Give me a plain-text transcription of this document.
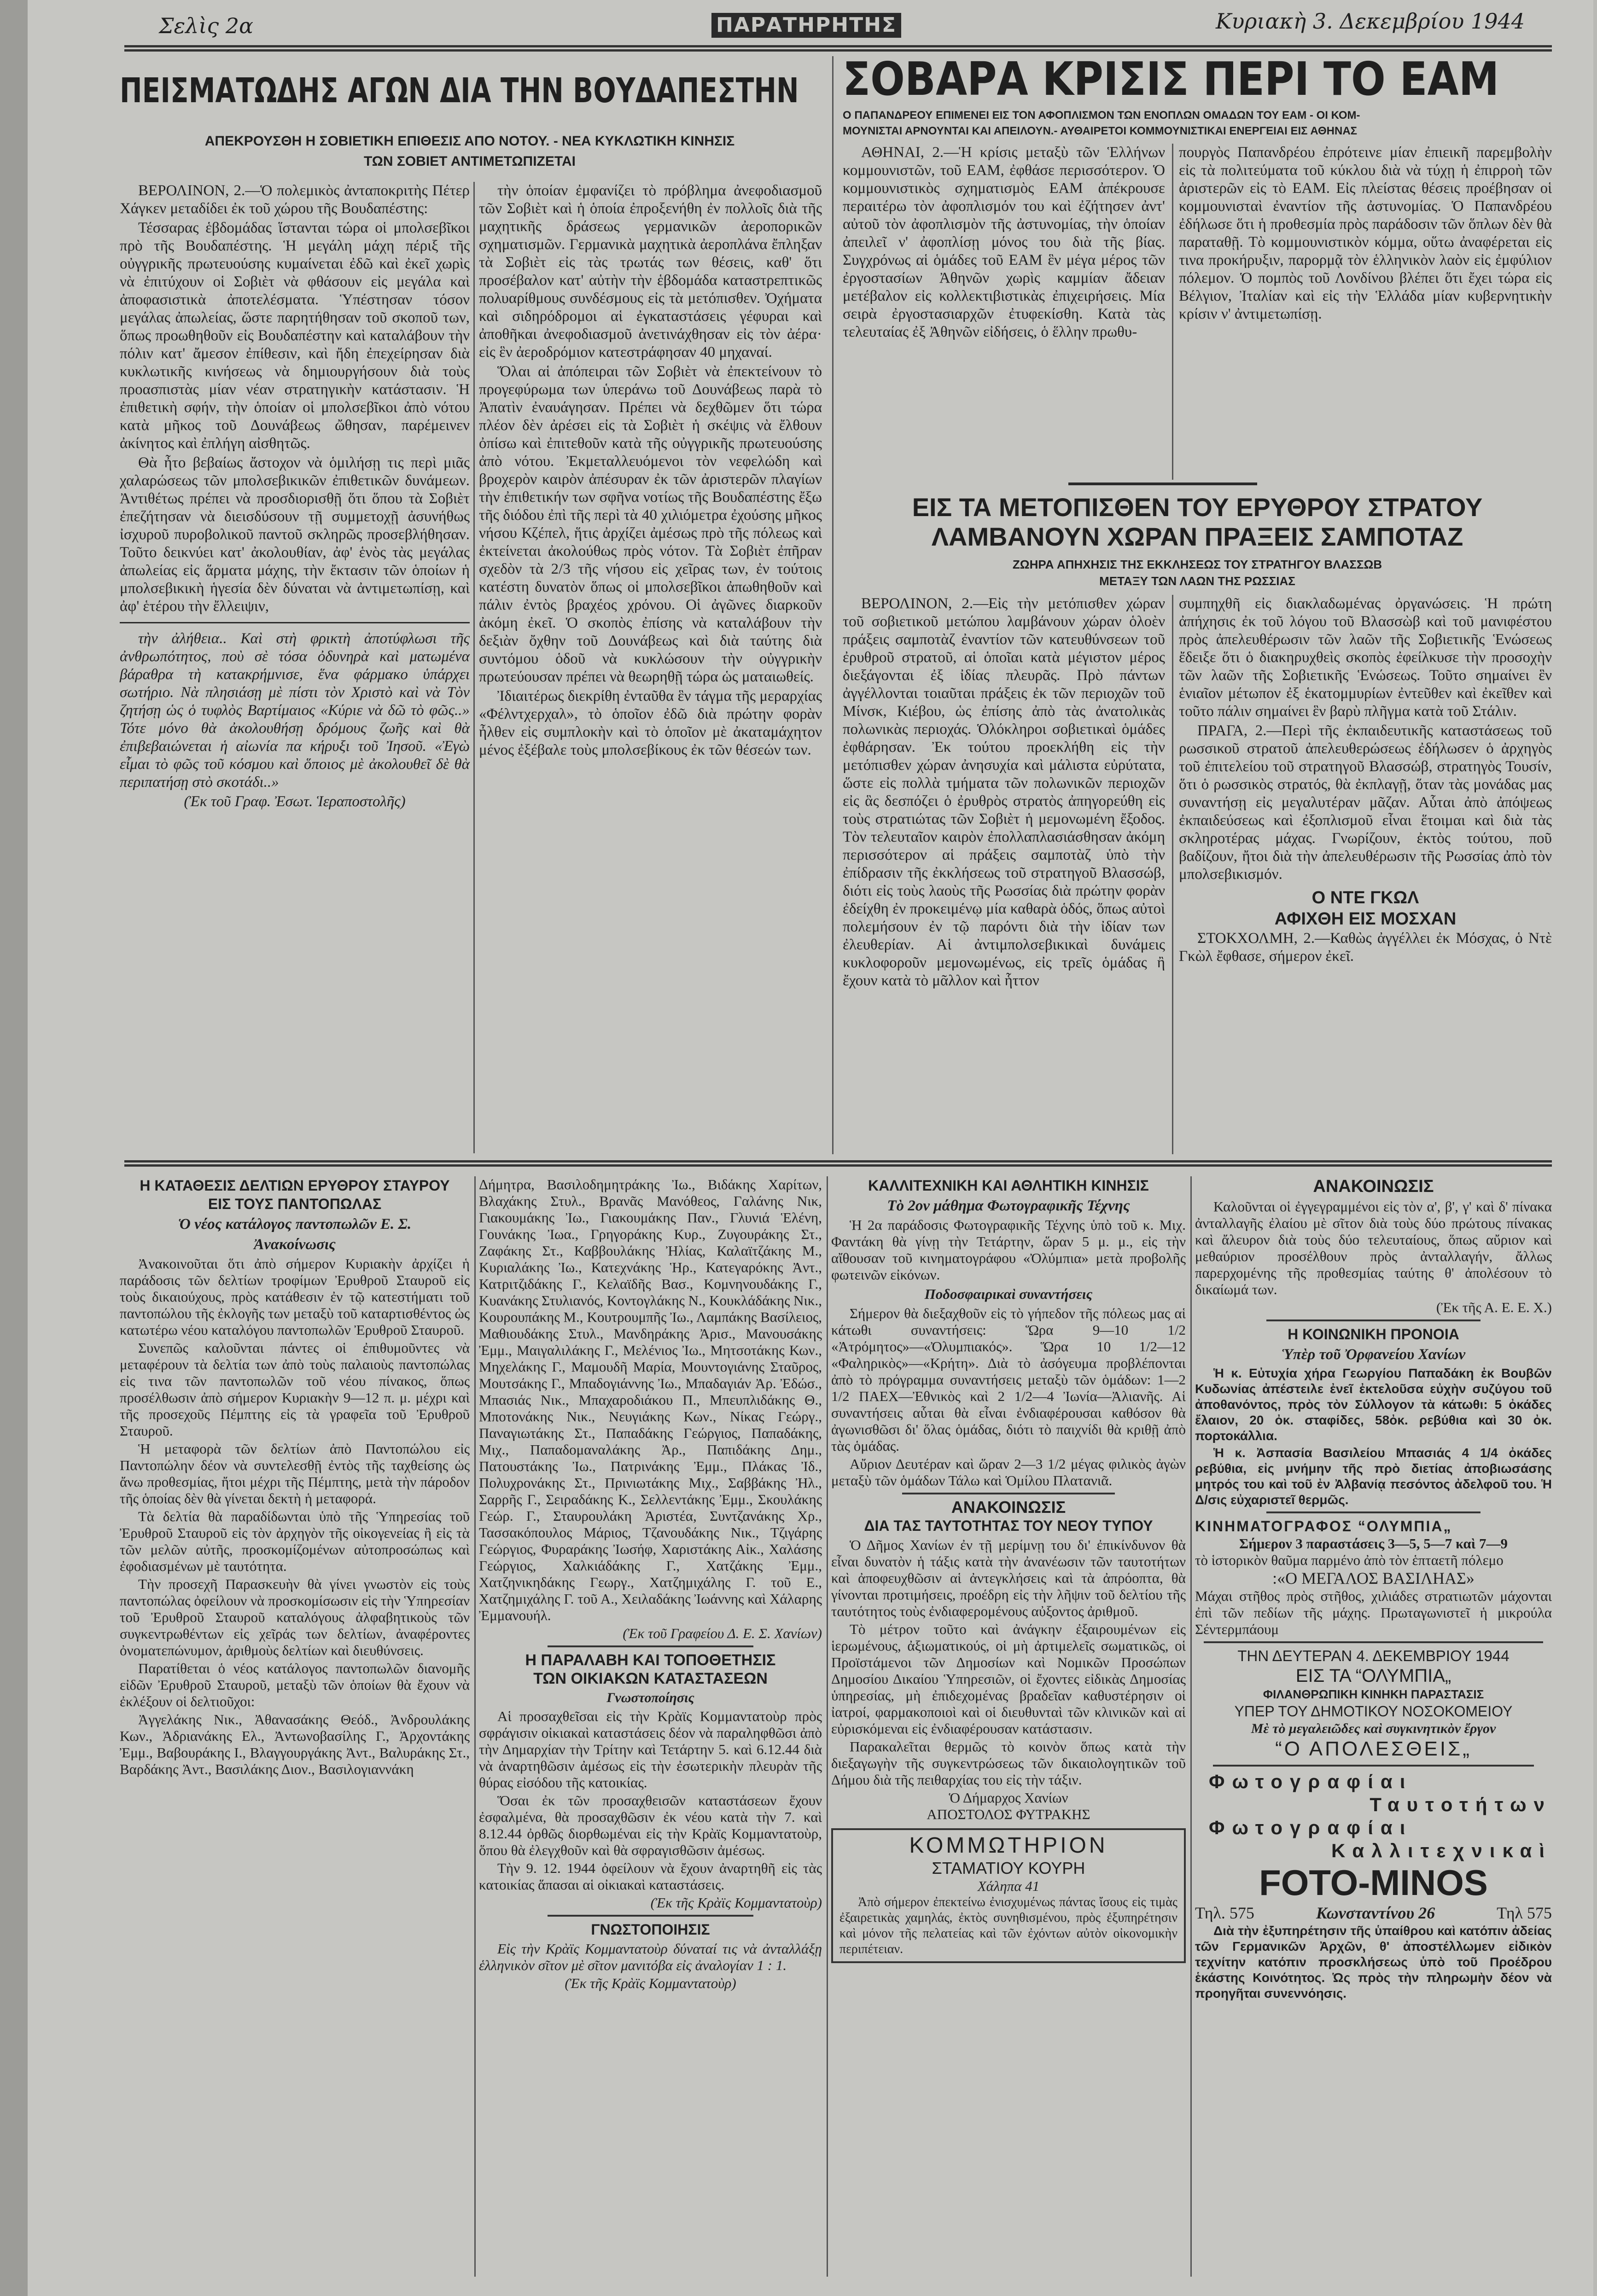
Σελὶς 2α	ΠΑΡΑΤΗΡΗΤΗΣ	Κυριακὴ 3. Δεκεμβρίου 1944
ΠΕΙΣΜΑΤΩΔΗΣ ΑΓΩΝ ΔΙΑ ΤΗΝ ΒΟΥΔΑΠΕΣΤΗΝ
ΑΠΕΚΡΟΥΣΘΗ Η ΣΟΒΙΕΤΙΚΗ ΕΠΙΘΕΣΙΣ ΑΠΟ ΝΟΤΟΥ. - ΝΕΑ ΚΥΚΛΩΤΙΚΗ ΚΙΝΗΣΙΣ
ΤΩΝ ΣΟΒΙΕΤ ΑΝΤΙΜΕΤΩΠΙΖΕΤΑΙ

ΒΕΡΟΛΙΝΟΝ, 2.—Ὁ πολεμικὸς ἀνταποκριτὴς Πέτερ Χάγκεν μεταδίδει ἐκ τοῦ χώρου τῆς Βουδαπέστης:

Τέσσαρας ἑβδομάδας ἵστανται τώρα οἱ μπολσεβῖκοι πρὸ τῆς Βουδαπέστης. Ἡ μεγάλη μάχη πέριξ τῆς οὐγγρικῆς πρωτευούσης κυμαίνεται ἐδῶ καὶ ἐκεῖ χωρὶς νὰ ἐπιτύχουν οἱ Σοβιὲτ νὰ φθάσουν εἰς μεγάλα καὶ ἀποφασιστικὰ ἀποτελέσματα. Ὑπέστησαν τόσον μεγάλας ἀπωλείας, ὥστε παρητήθησαν τοῦ σκοποῦ των, ὅπως προωθηθοῦν εἰς Βουδαπέστην καὶ καταλάβουν τὴν πόλιν κατ' ἄμεσον ἐπίθεσιν, καὶ ἤδη ἐπεχείρησαν διὰ κυκλωτικῆς κινήσεως νὰ δημιουργήσουν διὰ τοὺς προασπιστὰς μίαν νέαν στρατηγικὴν κατάστασιν. Ἡ ἐπιθετικὴ σφήν, τὴν ὁποίαν οἱ μπολσεβῖκοι ἀπὸ νότου κατὰ μῆκος τοῦ Δουνάβεως ὤθησαν, παρέμεινεν ἀκίνητος καὶ ἐπλήγη αἰσθητῶς.

Θὰ ἦτο βεβαίως ἄστοχον νὰ ὁμιλήσῃ τις περὶ μιᾶς χαλαρώσεως τῶν μπολσεβικικῶν ἐπιθετικῶν δυνάμεων. Ἀντιθέτως πρέπει νὰ προσδιορισθῇ ὅτι ὅπου τὰ Σοβιὲτ ἐπεζήτησαν νὰ διεισδύσουν τῇ συμμετοχῇ ἀσυνήθως ἰσχυροῦ πυροβολικοῦ παντοῦ σκληρῶς προσεβλήθησαν. Τοῦτο δεικνύει κατ' ἀκολουθίαν, ἀφ' ἑνὸς τὰς μεγάλας ἀπωλείας εἰς ἅρματα μάχης, τὴν ἔκτασιν τῶν ὁποίων ἡ μπολσεβικικὴ ἡγεσία δὲν δύναται νὰ ἀντιμετωπίσῃ, καὶ ἀφ' ἑτέρου τὴν ἔλλειψιν,

τὴν ἀλήθεια.. Καὶ στὴ φρικτὴ ἀποτύφλωσι τῆς ἀνθρωπότητος, ποὺ σὲ τόσα ὀδυνηρὰ καὶ ματωμένα βάραθρα τὴ κατακρήμνισε, ἕνα φάρμακο ὑπάρχει σωτήριο. Νὰ πλησιάσῃ μὲ πίστι τὸν Χριστὸ καὶ νὰ Τὸν ζητήσῃ ὡς ὁ τυφλὸς Βαρτίμαιος «Κύριε νὰ δῶ τὸ φῶς..» Τότε μόνο θὰ ἀκολουθήσῃ δρόμους ζωῆς καὶ θὰ ἐπιβεβαιώνεται ἡ αἰωνία πα κήρυξι τοῦ Ἰησοῦ. «Ἐγὼ εἶμαι τὸ φῶς τοῦ κόσμου καὶ ὅποιος μὲ ἀκολουθεῖ δὲ θὰ περιπατήσῃ στὸ σκοτάδι..»

(Ἐκ τοῦ Γραφ. Ἐσωτ. Ἱεραποστολῆς)

τὴν ὁποίαν ἐμφανίζει τὸ πρόβλημα ἀνεφοδιασμοῦ τῶν Σοβιὲτ καὶ ἡ ὁποία ἐπροξενήθη ἐν πολλοῖς διὰ τῆς μαχητικῆς δράσεως γερμανικῶν ἀεροπορικῶν σχηματισμῶν. Γερμανικὰ μαχητικὰ ἀεροπλάνα ἔπληξαν τὰ Σοβιὲτ εἰς τὰς τρωτάς των θέσεις, καθ' ὅτι προσέβαλον κατ' αὐτὴν τὴν ἑβδομάδα καταστρεπτικῶς πολυαρίθμους συνδέσμους εἰς τὰ μετόπισθεν. Ὀχήματα καὶ σιδηρόδρομοι αἱ ἐγκαταστάσεις γέφυραι καὶ ἀποθῆκαι ἀνεφοδιασμοῦ ἀνετινάχθησαν εἰς τὸν ἀέρα· εἰς ἓν ἀεροδρόμιον κατεστράφησαν 40 μηχαναί.

Ὅλαι αἱ ἀπόπειραι τῶν Σοβιὲτ νὰ ἐπεκτείνουν τὸ προγεφύρωμα των ὑπεράνω τοῦ Δουνάβεως παρὰ τὸ Ἀπατὶν ἐναυάγησαν. Πρέπει νὰ δεχθῶμεν ὅτι τώρα πλέον δὲν ἀρέσει εἰς τὰ Σοβιὲτ ἡ σκέψις νὰ ἔλθουν ὀπίσω καὶ ἐπιτεθοῦν κατὰ τῆς οὐγγρικῆς πρωτευούσης ἀπὸ νότου. Ἐκμεταλλευόμενοι τὸν νεφελώδη καὶ βροχερὸν καιρὸν ἀπέσυραν ἐκ τῶν ἀριστερῶν πλαγίων τὴν ἐπιθετικήν των σφῆνα νοτίως τῆς Βουδαπέστης ἔξω τῆς διόδου ἐπὶ τῆς περὶ τὰ 40 χιλιόμετρα ἐχούσης μῆκος νήσου Κζέπελ, ἥτις ἀρχίζει ἀμέσως πρὸ τῆς πόλεως καὶ ἐκτείνεται ἀκολούθως πρὸς νότον. Τὰ Σοβιὲτ ἐπῆραν σχεδὸν τὰ 2/3 τῆς νήσου εἰς χεῖρας των, ἐν τούτοις κατέστη δυνατὸν ὅπως οἱ μπολσεβῖκοι ἀπωθηθοῦν καὶ πάλιν ἐντὸς βραχέος χρόνου. Οἱ ἀγῶνες διαρκοῦν ἀκόμη ἐκεῖ. Ὁ σκοπὸς ἐπίσης νὰ καταλάβουν τὴν δεξιὰν ὄχθην τοῦ Δουνάβεως καὶ διὰ ταύτης διὰ συντόμου ὁδοῦ νὰ κυκλώσουν τὴν οὐγγρικὴν πρωτεύουσαν πρέπει νὰ θεωρηθῇ τώρα ὡς ματαιωθείς.

Ἰδιαιτέρως διεκρίθη ἐνταῦθα ἓν τάγμα τῆς μεραρχίας «Φέλντχερχαλ», τὸ ὁποῖον ἐδῶ διὰ πρώτην φορὰν ἦλθεν εἰς συμπλοκὴν καὶ τὸ ὁποῖον μὲ ἀκαταμάχητον μένος ἐξέβαλε τοὺς μπολσεβίκους ἐκ τῶν θέσεών των.

ΣΟΒΑΡΑ ΚΡΙΣΙΣ ΠΕΡΙ ΤΟ ΕΑΜ
Ο ΠΑΠΑΝΔΡΕΟΥ ΕΠΙΜΕΝΕΙ ΕΙΣ ΤΟΝ ΑΦΟΠΛΙΣΜΟΝ ΤΩΝ ΕΝΟΠΛΩΝ ΟΜΑΔΩΝ ΤΟΥ ΕΑΜ - ΟΙ ΚΟΜ-
ΜΟΥΝΙΣΤΑΙ ΑΡΝΟΥΝΤΑΙ ΚΑΙ ΑΠΕΙΛΟΥΝ.- ΑΥΘΑΙΡΕΤΟΙ ΚΟΜΜΟΥΝΙΣΤΙΚΑΙ ΕΝΕΡΓΕΙΑΙ ΕΙΣ ΑΘΗΝΑΣ

ΑΘΗΝΑΙ, 2.—Ἡ κρίσις μεταξὺ τῶν Ἑλλήνων κομμουνιστῶν, τοῦ ΕΑΜ, ἐφθάσε περισσότερον. Ὁ κομμουνιστικὸς σχηματισμὸς ΕΑΜ ἀπέκρουσε περαιτέρω τὸν ἀφοπλισμόν του καὶ ἐζήτησεν ἀντ' αὐτοῦ τὸν ἀφοπλισμὸν τῆς ἀστυνομίας, τὴν ὁποίαν ἀπειλεῖ ν' ἀφοπλίσῃ μόνος του διὰ τῆς βίας. Συγχρόνως αἱ ὁμάδες τοῦ ΕΑΜ ἓν μέγα μέρος τῶν ἐργοστασίων Ἀθηνῶν χωρὶς καμμίαν ἄδειαν μετέβαλον εἰς κολλεκτιβιστικὰς ἐπιχειρήσεις. Μία σειρὰ ἐργοστασιαρχῶν ἐτυφεκίσθη. Κατὰ τὰς τελευταίας ἐξ Ἀθηνῶν εἰδήσεις, ὁ ἕλλην πρωθυ-

πουργὸς Παπανδρέου ἐπρότεινε μίαν ἐπιεικῆ παρεμβολὴν εἰς τὰ πολιτεύματα τοῦ κύκλου διὰ νὰ τύχῃ ἡ ἐπιρροὴ τῶν ἀριστερῶν εἰς τὸ ΕΑΜ. Εἰς πλείστας θέσεις προέβησαν οἱ κομμουνισταὶ ἐναντίον τῆς ἀστυνομίας. Ὁ Παπανδρέου ἐδήλωσε ὅτι ἡ προθεσμία πρὸς παράδοσιν τῶν ὅπλων δὲν θὰ παραταθῇ. Τὸ κομμουνιστικὸν κόμμα, οὕτω ἀναφέρεται εἰς τινα προκήρυξιν, παρορμᾷ τὸν ἑλληνικὸν λαὸν εἰς ἐμφύλιον πόλεμον. Ὁ πομπὸς τοῦ Λονδίνου βλέπει ὅτι ἔχει τώρα εἰς Βέλγιον, Ἰταλίαν καὶ εἰς τὴν Ἑλλάδα μίαν κυβερνητικὴν κρίσιν ν' ἀντιμετωπίσῃ.

ΕΙΣ ΤΑ ΜΕΤΟΠΙΣΘΕΝ ΤΟΥ ΕΡΥΘΡΟΥ ΣΤΡΑΤΟΥ
ΛΑΜΒΑΝΟΥΝ ΧΩΡΑΝ ΠΡΑΞΕΙΣ ΣΑΜΠΟΤΑΖ
ΖΩΗΡΑ ΑΠΗΧΗΣΙΣ ΤΗΣ ΕΚΚΛΗΣΕΩΣ ΤΟΥ ΣΤΡΑΤΗΓΟΥ ΒΛΑΣΣΩΒ
ΜΕΤΑΞΥ ΤΩΝ ΛΑΩΝ ΤΗΣ ΡΩΣΣΙΑΣ

ΒΕΡΟΛΙΝΟΝ, 2.—Εἰς τὴν μετόπισθεν χώραν τοῦ σοβιετικοῦ μετώπου λαμβάνουν χώραν ὁλοὲν πράξεις σαμποτὰζ ἐναντίον τῶν κατευθύνσεων τοῦ ἐρυθροῦ στρατοῦ, αἱ ὁποῖαι κατὰ μέγιστον μέρος διεξάγονται ἐξ ἰδίας πλευρᾶς. Πρὸ πάντων ἀγγέλλονται τοιαῦται πράξεις ἐκ τῶν περιοχῶν τοῦ Μίνσκ, Κιέβου, ὡς ἐπίσης ἀπὸ τὰς ἀνατολικὰς πολωνικὰς περιοχάς. Ὁλόκληροι σοβιετικαὶ ὁμάδες ἐφθάρησαν. Ἐκ τούτου προεκλήθη εἰς τὴν μετόπισθεν χώραν ἀνησυχία καὶ μάλιστα εὐρύτατα, ὥστε εἰς πολλὰ τμήματα τῶν πολωνικῶν περιοχῶν εἰς ἃς δεσπόζει ὁ ἐρυθρὸς στρατὸς ἀπηγορεύθη εἰς τοὺς στρατιώτας τῶν Σοβιὲτ ἡ μεμονωμένη ἔξοδος. Τὸν τελευταῖον καιρὸν ἐπολλαπλασιάσθησαν ἀκόμη περισσότερον αἱ πράξεις σαμποτὰζ ὑπὸ τὴν ἐπίδρασιν τῆς ἐκκλήσεως τοῦ στρατηγοῦ Βλασσώβ, διότι εἰς τοὺς λαοὺς τῆς Ρωσσίας διὰ πρώτην φορὰν ἐδείχθη ἐν προκειμένῳ μία καθαρὰ ὁδός, ὅπως αὐτοὶ πολεμήσουν ἐν τῷ παρόντι διὰ τὴν ἰδίαν των ἐλευθερίαν. Αἱ ἀντιμπολσεβικικαὶ δυνάμεις κυκλοφοροῦν μεμονωμένως, εἰς τρεῖς ὁμάδας ἢ ἔχουν κατὰ τὸ μᾶλλον καὶ ἧττον

συμπηχθῆ εἰς διακλαδωμένας ὀργανώσεις. Ἡ πρώτη ἀπήχησις ἐκ τοῦ λόγου τοῦ Βλασσὼβ καὶ τοῦ μανιφέστου πρὸς ἀπελευθέρωσιν τῶν λαῶν τῆς Σοβιετικῆς Ἑνώσεως ἔδειξε ὅτι ὁ διακηρυχθεὶς σκοπὸς ἐφείλκυσε τὴν προσοχὴν τῶν λαῶν τῆς Σοβιετικῆς Ἑνώσεως. Τοῦτο σημαίνει ἓν ἑνιαῖον μέτωπον ἐξ ἑκατομμυρίων ἐντεῦθεν καὶ ἐκεῖθεν καὶ τοῦτο πάλιν σημαίνει ἓν βαρὺ πλῆγμα κατὰ τοῦ Στάλιν.

ΠΡΑΓΑ, 2.—Περὶ τῆς ἐκπαιδευτικῆς καταστάσεως τοῦ ρωσσικοῦ στρατοῦ ἀπελευθερώσεως ἐδήλωσεν ὁ ἀρχηγὸς τοῦ ἐπιτελείου τοῦ στρατηγοῦ Βλασσώβ, στρατηγὸς Τουσίν, ὅτι ὁ ρωσσικὸς στρατός, θὰ ἐκπλαγῇ, ὅταν τὰς μονάδας μας συναντήσῃ εἰς μεγαλυτέραν μᾶζαν. Αὗται ἀπὸ ἀπόψεως ἐκπαιδεύσεως καὶ ἐξοπλισμοῦ εἶναι ἕτοιμαι καὶ διὰ τὰς σκληροτέρας μάχας. Γνωρίζουν, ἐκτὸς τούτου, ποῦ βαδίζουν, ἤτοι διὰ τὴν ἀπελευθέρωσιν τῆς Ρωσσίας ἀπὸ τὸν μπολσεβικισμόν.

Ο ΝΤΕ ΓΚΩΛ
ΑΦΙΧΘΗ ΕΙΣ ΜΟΣΧΑΝ

ΣΤΟΚΧΟΛΜΗ, 2.—Καθὼς ἀγγέλλει ἐκ Μόσχας, ὁ Ντὲ Γκὼλ ἔφθασε, σήμερον ἐκεῖ.

Η ΚΑΤΑΘΕΣΙΣ ΔΕΛΤΙΩΝ ΕΡΥΘΡΟΥ ΣΤΑΥΡΟΥ
ΕΙΣ ΤΟΥΣ ΠΑΝΤΟΠΩΛΑΣ
Ὁ νέος κατάλογος παντοπωλῶν Ε. Σ.
Ἀνακοίνωσις

Ἀνακοινοῦται ὅτι ἀπὸ σήμερον Κυριακὴν ἀρχίζει ἡ παράδοσις τῶν δελτίων τροφίμων Ἐρυθροῦ Σταυροῦ εἰς τοὺς δικαιούχους, πρὸς κατάθεσιν ἐν τῷ κατεστήματι τοῦ παντοπώλου τῆς ἐκλογῆς των μεταξὺ τοῦ καταρτισθέντος ὡς κατωτέρω νέου καταλόγου παντοπωλῶν Ἐρυθροῦ Σταυροῦ.

Συνεπῶς καλοῦνται πάντες οἱ ἐπιθυμοῦντες νὰ μεταφέρουν τὰ δελτία των ἀπὸ τοὺς παλαιοὺς παντοπώλας εἰς τινα τῶν παντοπωλῶν τοῦ νέου πίνακος, ὅπως προσέλθωσιν ἀπὸ σήμερον Κυριακὴν 9—12 π. μ. μέχρι καὶ τῆς προσεχοῦς Πέμπτης εἰς τὰ γραφεῖα τοῦ Ἐρυθροῦ Σταυροῦ.

Ἡ μεταφορὰ τῶν δελτίων ἀπὸ Παντοπώλου εἰς Παντοπώλην δέον νὰ συντελεσθῇ ἐντὸς τῆς ταχθείσης ὡς ἄνω προθεσμίας, ἤτοι μέχρι τῆς Πέμπτης, μετὰ τὴν πάροδον τῆς ὁποίας δὲν θὰ γίνεται δεκτὴ ἡ μεταφορά.

Τὰ δελτία θὰ παραδίδωνται ὑπὸ τῆς Ὑπηρεσίας τοῦ Ἐρυθροῦ Σταυροῦ εἰς τὸν ἀρχηγὸν τῆς οἰκογενείας ἢ εἰς τὰ τῶν μελῶν αὐτῆς, προσκομίζομένων αὐτοπροσώπως καὶ ἐφοδιασμένων μὲ ταυτότητα.

Τὴν προσεχῆ Παρασκευὴν θὰ γίνει γνωστὸν εἰς τοὺς παντοπώλας ὀφείλουν νὰ προσκομίσωσιν εἰς τὴν Ὑπηρεσίαν τοῦ Ἐρυθροῦ Σταυροῦ καταλόγους ἀλφαβητικοὺς τῶν συγκεντρωθέντων εἰς χεῖράς των δελτίων, ἀναφέροντες ὀνοματεπώνυμον, ἀριθμοὺς δελτίων καὶ διευθύνσεις.

Παρατίθεται ὁ νέος κατάλογος παντοπωλῶν διανομῆς εἰδῶν Ἐρυθροῦ Σταυροῦ, μεταξὺ τῶν ὁποίων θὰ ἔχουν νὰ ἐκλέξουν οἱ δελτιοῦχοι:

Ἀγγελάκης Νικ., Ἀθανασάκης Θεόδ., Ἀνδρουλάκης Κων., Ἀδριανάκης Ελ., Ἀντωνοβασίλης Γ., Ἀρχοντάκης Ἐμμ., Βαβουράκης Ι., Βλαγγουργάκης Ἀντ., Βαλυράκης Στ., Βαρδάκης Ἀντ., Βασιλάκης Διον., Βασιλογιαννάκη

Δήμητρα, Βασιλοδημητράκης Ἰω., Βιδάκης Χαρίτων, Βλαχάκης Στυλ., Βρανᾶς Μανόθεος, Γαλάνης Νικ, Γιακουμάκης Ἰω., Γιακουμάκης Παν., Γλυνιά Ἑλένη, Γουνάκης Ἰωα., Γρηγοράκης Κυρ., Ζυγουράκης Στ., Ζαφάκης Στ., Καββουλάκης Ἠλίας, Καλαϊτζάκης Μ., Κυριαλάκης Ἰω., Κατεχνάκης Ἡρ., Κατεγαρόκης Ἀντ., Κατριτζιδάκης Γ., Κελαϊδῆς Βασ., Κομνηνουδάκης Γ., Κυανάκης Στυλιανός, Κοντογλάκης Ν., Κουκλάδάκης Νικ., Κουρουπάκης Μ., Κουτρουμπῆς Ἰω., Λαμπάκης Βασίλειος, Μαθιουδάκης Στυλ., Μανδηράκης Ἀρισ., Μανουσάκης Ἐμμ., Μαιγαλιλάκης Γ., Μελένιος Ἰω., Μητσοτάκης Κων., Μηχελάκης Γ., Μαμουδῆ Μαρία, Μουντογιάνης Σταῦρος, Μουτσάκης Γ., Μπαδογιάννης Ἰω., Μπαδαγιάν Ἀρ. Ἐδώσ., Μπασιάς Νικ., Μπαχαροδιάκου Π., Μπευπλιδάκης Θ., Μποτονάκης Νικ., Νευγιάκης Κων., Νίκας Γεώργ., Παναγιωτάκης Στ., Παπαδάκης Γεώργιος, Παπαδάκης, Μιχ., Παπαδομαναλάκης Ἀρ., Παπιδάκης Δημ., Πατουστάκης Ἰω., Πατρινάκης Ἐμμ., Πλάκας Ἰδ., Πολυχρονάκης Στ., Πρινιωτάκης Μιχ., Σαββάκης Ἠλ., Σαρρῆς Γ., Σειραδάκης Κ., Σελλεντάκης Ἐμμ., Σκουλάκης Γεώρ. Γ., Σταυρουλάκη Ἀριστέα, Συντζανάκης Χρ., Τασσακόπουλος Μάριος, Τζανουδάκης Νικ., Τζιγάρης Γεώργιος, Φυραράκης Ἰωσήφ, Χαριστάκης Αἰκ., Χαλάσης Γεώργιος, Χαλκιάδάκης Γ., Χατζάκης Ἐμμ., Χατζηνικηδάκης Γεωργ., Χατζημιχάλης Γ. τοῦ Ε., Χατζημιχάλης Γ. τοῦ Α., Χειλαδάκης Ἰωάννης καὶ Χάλαρης Ἐμμανουήλ.

(Ἐκ τοῦ Γραφείου Δ. Ε. Σ. Χανίων)
Η ΠΑΡΑΛΑΒΗ ΚΑΙ ΤΟΠΟΘΕΤΗΣΙΣ
ΤΩΝ ΟΙΚΙΑΚΩΝ ΚΑΤΑΣΤΑΣΕΩΝ
Γνωστοποίησις

Αἱ προσαχθεῖσαι εἰς τὴν Κρὰϊς Κομμαντατοὺρ πρὸς σφράγισιν οἰκιακαὶ καταστάσεις δέον νὰ παραληφθῶσι ἀπὸ τὴν Δημαρχίαν τὴν Τρίτην καὶ Τετάρτην 5. καὶ 6.12.44 διὰ νὰ ἀναρτηθῶσιν ἀμέσως εἰς τὴν ἐσωτερικὴν πλευρὰν τῆς θύρας εἰσόδου τῆς κατοικίας.

Ὅσαι ἐκ τῶν προσαχθεισῶν καταστάσεων ἔχουν ἐσφαλμένα, θὰ προσαχθῶσιν ἐκ νέου κατὰ τὴν 7. καὶ 8.12.44 ὀρθῶς διορθωμέναι εἰς τὴν Κρὰϊς Κομμαντατοὺρ, ὅπου θὰ ἐλεγχθοῦν καὶ θὰ σφραγισθῶσιν ἀμέσως.

Τὴν 9. 12. 1944 ὀφείλουν νὰ ἔχουν ἀναρτηθῆ εἰς τὰς κατοικίας ἅπασαι αἱ οἰκιακαὶ καταστάσεις.

(Ἐκ τῆς Κρὰϊς Κομμαντατοὺρ)
ΓΝΩΣΤΟΠΟΙΗΣΙΣ

Εἰς τὴν Κρὰϊς Κομμαντατοὺρ δύναταί τις νὰ ἀνταλλάξῃ ἑλληνικὸν σῖτον μὲ σῖτον μανιτόβα εἰς ἀναλογίαν 1 : 1.

(Ἐκ τῆς Κρὰϊς Κομμαντατοὺρ)
ΚΑΛΛΙΤΕΧΝΙΚΗ ΚΑΙ ΑΘΛΗΤΙΚΗ ΚΙΝΗΣΙΣ
Τὸ 2ον μάθημα Φωτογραφικῆς Τέχνης

Ἡ 2α παράδοσις Φωτογραφικῆς Τέχνης ὑπὸ τοῦ κ. Μιχ. Φαντάκη θὰ γίνῃ τὴν Τετάρτην, ὥραν 5 μ. μ., εἰς τὴν αἴθουσαν τοῦ κινηματογράφου «Ὀλύμπια» μετὰ προβολῆς φωτεινῶν εἰκόνων.

Ποδοσφαιρικαὶ συναντήσεις

Σήμερον θὰ διεξαχθοῦν εἰς τὸ γήπεδον τῆς πόλεως μας αἱ κάτωθι συναντήσεις: Ὥρα 9—10 1/2 «Ἀτρόμητος»—«Ὀλυμπιακός». Ὥρα 10 1/2—12 «Φαληρικὸς»—«Κρήτη». Διὰ τὸ ἀσόγευμα προβλέπονται ἀπὸ τὸ πρόγραμμα συναντήσεις μεταξὺ τῶν ὁμάδων: 1—2 1/2 ΠΑΕΧ—Ἐθνικὸς καὶ 2 1/2—4 Ἰωνία—Ἀλιανῆς. Αἱ συναντήσεις αὗται θὰ εἶναι ἐνδιαφέρουσαι καθόσον θὰ ἀγωνισθῶσι δι' ὅλας ὁμάδας, διότι τὸ παιχνίδι θὰ κριθῇ ἀπὸ τὰς ὁμάδας.

Αὔριον Δευτέραν καὶ ὥραν 2—3 1/2 μέγας φιλικὸς ἀγὼν μεταξὺ τῶν ὁμάδων Τάλω καὶ Ὁμίλου Πλατανιᾶ.

ΑΝΑΚΟΙΝΩΣΙΣ
ΔΙΑ ΤΑΣ ΤΑΥΤΟΤΗΤΑΣ ΤΟΥ ΝΕΟΥ ΤΥΠΟΥ

Ὁ Δῆμος Χανίων ἐν τῇ μερίμνῃ του δι' ἐπικίνδυνον θὰ εἶναι δυνατὸν ἡ τάξις κατὰ τὴν ἀνανέωσιν τῶν ταυτοτήτων καὶ ἀποφευχθῶσιν αἱ ἀντεγκλήσεις καὶ τὰ ἀπρόοπτα, θὰ γίνονται προτιμήσεις, προέδρη εἰς τὴν λῆψιν τοῦ δελτίου τῆς ταυτότητος τοὺς ἐνδιαφερομένους αὐξοντος ἀριθμοῦ.

Τὸ μέτρον τοῦτο καὶ ἀνάγκην ἐξαιρουμένων εἰς ἱερωμένους, ἀξιωματικούς, οἱ μὴ ἀρτιμελεῖς σωματικῶς, οἱ Προϊστάμενοι τῶν Δημοσίων καὶ Νομικῶν Προσώπων Δημοσίου Δικαίου Ὑπηρεσιῶν, οἱ ἔχοντες εἰδικὰς Δημοσίας ὑπηρεσίας, μὴ ἐπιδεχομένας βραδεῖαν καθυστέρησιν οἱ ἰατροί, φαρμακοποιοὶ καὶ οἱ διευθυνταὶ τῶν κλινικῶν καὶ αἱ εὐρισκόμεναι εἰς ἐνδιαφέρουσαν κατάστασιν.

Παρακαλεῖται θερμῶς τὸ κοινὸν ὅπως κατὰ τὴν διεξαγωγὴν τῆς συγκεντρώσεως τῶν δικαιολογητικῶν τοῦ Δήμου διὰ τῆς πειθαρχίας του εἰς τὴν τάξιν.

Ὁ Δήμαρχος Χανίων
ΑΠΟΣΤΟΛΟΣ ΦΥΤΡΑΚΗΣ
ΚΟΜΜΩΤΗΡΙΟΝ
ΣΤΑΜΑΤΙΟΥ ΚΟΥΡΗ
Χάληπα 41

Ἀπὸ σήμερον ἐπεκτείνω ἐνισχυμένως πάντας ἴσους εἰς τιμὰς ἐξαιρετικὰς χαμηλάς, ἐκτὸς συνηθισμένου, πρὸς ἐξυπηρέτησιν καὶ μόνον τῆς πελατείας καὶ τῶν ἐχόντων αὐτὸν οἰκονομικὴν περιπέτειαν.

ΑΝΑΚΟΙΝΩΣΙΣ

Καλοῦνται οἱ ἐγγεγραμμένοι εἰς τὸν α', β', γ' καὶ δ' πίνακα ἀνταλλαγῆς ἐλαίου μὲ σῖτον διὰ τοὺς δύο πρώτους πίνακας καὶ ἄλευρον διὰ τοὺς δύο τελευταίους, ὅπως αὔριον καὶ μεθαύριον προσέλθουν πρὸς ἀνταλλαγήν, ἄλλως παρερχομένης τῆς προθεσμίας ταύτης θ' ἀπολέσουν τὸ δικαίωμά των.

(Ἐκ τῆς Α. Ε. Ε. Χ.)
Η ΚΟΙΝΩΝΙΚΗ ΠΡΟΝΟΙΑ
Ὑπὲρ τοῦ Ὀρφανείου Χανίων

Ἡ κ. Εὐτυχία χήρα Γεωργίου Παπαδάκη ἐκ Βουβῶν Κυδωνίας ἀπέστειλε ἐνεῖ ἐκτελοῦσα εὐχὴν συζύγου τοῦ ἀποθανόντος, πρὸς τὸν Σύλλογον τὰ κάτωθι: 5 ὀκάδες ἔλαιον, 20 ὀκ. σταφίδες, 58ὀκ. ρεβύθια καὶ 30 ὀκ. πορτοκάλλια.

Ἡ κ. Ἀσπασία Βασιλείου Μπασιάς 4 1/4 ὀκάδες ρεβύθια, εἰς μνήμην τῆς πρὸ διετίας ἀποβιωσάσης μητρός του καὶ τοῦ ἐν Ἀλβανίᾳ πεσόντος ἀδελφοῦ του. Ἡ Δ/σις εὐχαριστεῖ θερμῶς.

ΚΙΝΗΜΑΤΟΓΡΑΦΟΣ “ΟΛΥΜΠΙΑ„
Σήμερον 3 παραστάσεις 3—5, 5—7 καὶ 7—9
τὸ ἱστορικὸν θαῦμα παρμένο ἀπὸ τὸν ἑπταετῆ πόλεμο
:«Ο ΜΕΓΑΛΟΣ ΒΑΣΙΛΗΑΣ»
Μάχαι στῆθος πρὸς στῆθος, χιλιάδες στρατιωτῶν μάχονται ἐπὶ τῶν πεδίων τῆς μάχης. Πρωταγωνιστεῖ ἡ μικρούλα Σέντερμπάουμ
ΤΗΝ ΔΕΥΤΕΡΑΝ 4. ΔΕΚΕΜΒΡΙΟΥ 1944
ΕΙΣ ΤΑ “ΟΛΥΜΠΙΑ„
ΦΙΛΑΝΘΡΩΠΙΚΗ ΚΙΝΗΚΗ ΠΑΡΑΣΤΑΣΙΣ
ΥΠΕΡ ΤΟΥ ΔΗΜΟΤΙΚΟΥ ΝΟΣΟΚΟΜΕΙΟΥ
Μὲ τὸ μεγαλειῶδες καὶ συγκινητικὸν ἔργον
“Ο ΑΠΟΛΕΣΘΕΙΣ„
Φωτογραφίαι
Ταυτοτήτων
Φωτογραφίαι
Καλλιτεχνικαὶ
FOTO-MINOS
Τηλ. 575	Κωνσταντίνου 26	Τηλ 575

Διὰ τὴν ἐξυπηρέτησιν τῆς ὑπαίθρου καὶ κατόπιν ἀδείας τῶν Γερμανικῶν Ἀρχῶν, θ' ἀποστέλλωμεν εἰδικὸν τεχνίτην κατόπιν προσκλήσεως ὑπὸ τοῦ Προέδρου ἑκάστης Κοινότητος. Ὡς πρὸς τὴν πληρωμὴν δέον νὰ προηγῆται συνεννόησις.
